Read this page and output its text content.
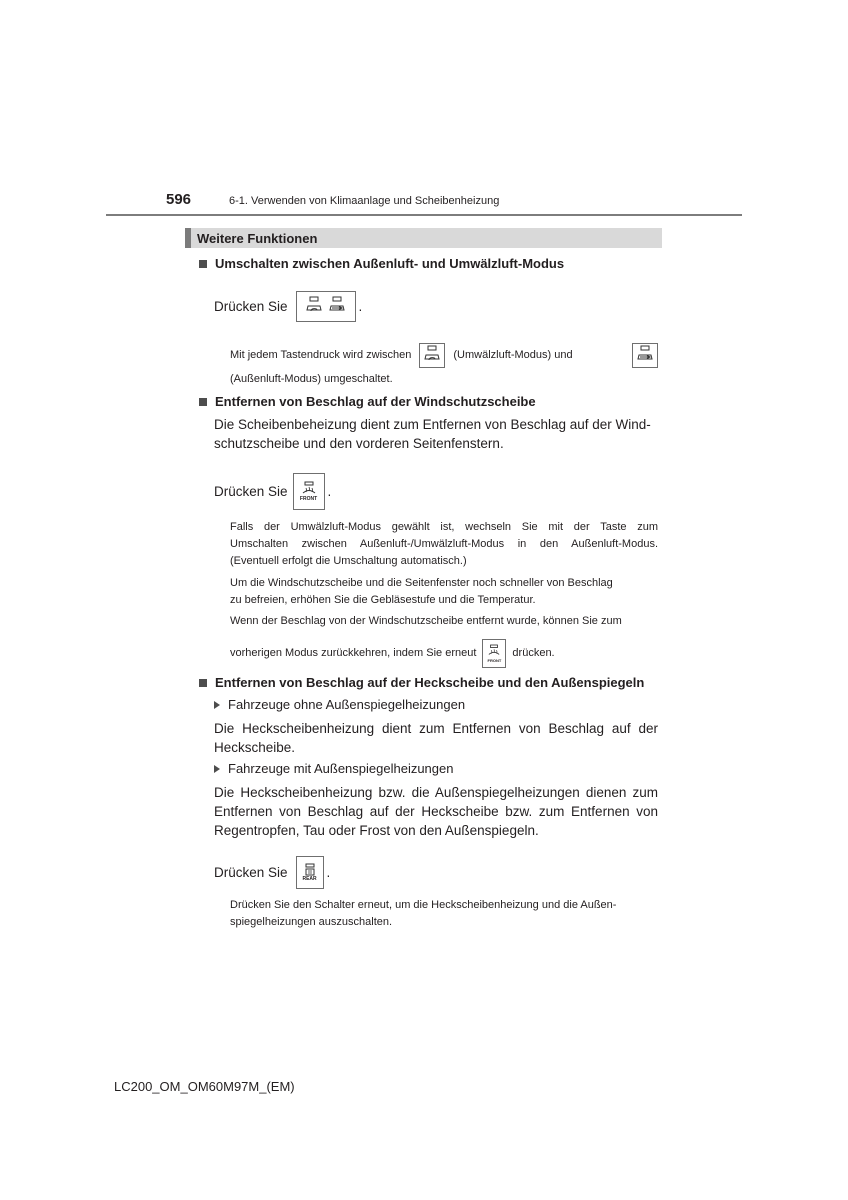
596	6-1. Verwenden von Klimaanlage und Scheibenheizung
Weitere Funktionen
Umschalten zwischen Außenluft- und Umwälzluft-Modus
Drücken Sie	.
Mit jedem Tastendruck wird zwischen	(Umwälzluft-Modus) und
(Außenluft-Modus) umgeschaltet.
Entfernen von Beschlag auf der Windschutzscheibe
Die Scheibenbeheizung dient zum Entfernen von Beschlag auf der Wind-
schutzscheibe und den vorderen Seitenfenstern.
Drücken Sie FRONT .
Falls der Umwälzluft-Modus gewählt ist, wechseln Sie mit der Taste zum
Umschalten zwischen Außenluft-/Umwälzluft-Modus in den Außenluft-Modus.
(Eventuell erfolgt die Umschaltung automatisch.)
Um die Windschutzscheibe und die Seitenfenster noch schneller von Beschlag
zu befreien, erhöhen Sie die Gebläsestufe und die Temperatur.
Wenn der Beschlag von der Windschutzscheibe entfernt wurde, können Sie zum
vorherigen Modus zurückkehren, indem Sie erneut
FRONT
drücken.
Entfernen von Beschlag auf der Heckscheibe und den Außenspiegeln
Fahrzeuge ohne Außenspiegelheizungen
Die Heckscheibenheizung dient zum Entfernen von Beschlag auf der
Heckscheibe.
Fahrzeuge mit Außenspiegelheizungen
Die Heckscheibenheizung bzw. die Außenspiegelheizungen dienen zum
Entfernen von Beschlag auf der Heckscheibe bzw. zum Entfernen von
Regentropfen, Tau oder Frost von den Außenspiegeln.
Drücken Sie	REAR .
Drücken Sie den Schalter erneut, um die Heckscheibenheizung und die Außen-
spiegelheizungen auszuschalten.
LC200_OM_OM60M97M_(EM)
